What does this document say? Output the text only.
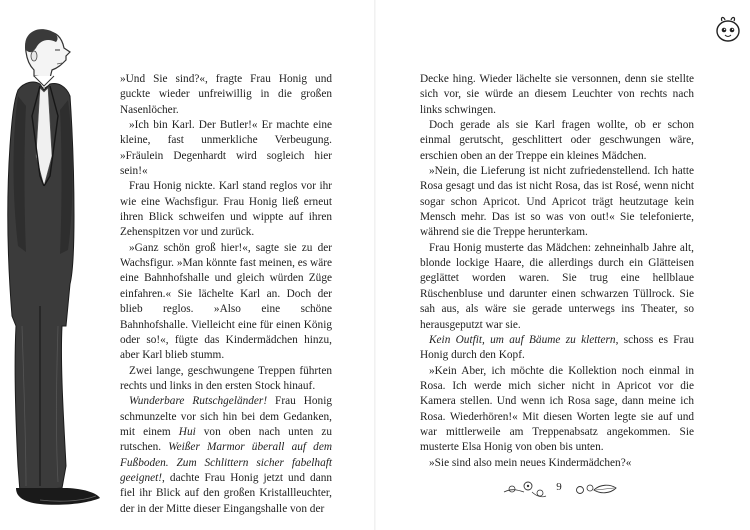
»Und Sie sind?«, fragte Frau Honig und guckte wieder unfreiwillig in die großen Nasenlöcher.

»Ich bin Karl. Der Butler!« Er machte eine kleine, fast unmerkliche Verbeugung. »Fräulein Degenhardt wird sogleich hier sein!«

Frau Honig nickte. Karl stand reglos vor ihr wie eine Wachsfigur. Frau Honig ließ erneut ihren Blick schweifen und wippte auf ihren Zehenspitzen vor und zurück.

»Ganz schön groß hier!«, sagte sie zu der Wachsfigur. »Man könnte fast meinen, es wäre eine Bahnhofshalle und gleich würden Züge einfahren.« Sie lächelte Karl an. Doch der blieb reglos. »Also eine schöne Bahnhofshalle. Vielleicht eine für einen König oder so!«, fügte das Kindermädchen hinzu, aber Karl blieb stumm.

Zwei lange, geschwungene Treppen führten rechts und links in den ersten Stock hinauf.

Wunderbare Rutschgeländer! Frau Honig schmunzelte vor sich hin bei dem Gedanken, mit einem Hui von oben nach unten zu rutschen. Weißer Marmor überall auf dem Fußboden. Zum Schlittern sicher fabelhaft geeignet!, dachte Frau Honig jetzt und dann fiel ihr Blick auf den großen Kristallleuchter, der in der Mitte dieser Eingangshalle von der

Decke hing. Wieder lächelte sie versonnen, denn sie stellte sich vor, sie würde an diesem Leuchter von rechts nach links schwingen.

Doch gerade als sie Karl fragen wollte, ob er schon einmal gerutscht, geschlittert oder geschwungen wäre, erschien oben an der Treppe ein kleines Mädchen.

»Nein, die Lieferung ist nicht zufriedenstellend. Ich hatte Rosa gesagt und das ist nicht Rosa, das ist Rosé, wenn nicht sogar schon Apricot. Und Apricot trägt heutzutage kein Mensch mehr. Das ist so was von out!« Sie telefonierte, während sie die Treppe herunterkam.

Frau Honig musterte das Mädchen: zehneinhalb Jahre alt, blonde lockige Haare, die allerdings durch ein Glätteisen geglättet worden waren. Sie trug eine hellblaue Rüschenbluse und darunter einen schwarzen Tüllrock. Sie sah aus, als wäre sie gerade unterwegs ins Theater, so herausgeputzt war sie.

Kein Outfit, um auf Bäume zu klettern, schoss es Frau Honig durch den Kopf.

»Kein Aber, ich möchte die Kollektion noch einmal in Rosa. Ich werde mich sicher nicht in Apricot vor die Kamera stellen. Und wenn ich Rosa sage, dann meine ich Rosa. Wiederhören!« Mit diesen Worten legte sie auf und war mittlerweile am Treppenabsatz angekommen. Sie musterte Elsa Honig von oben bis unten.

»Sie sind also mein neues Kindermädchen?«

9
